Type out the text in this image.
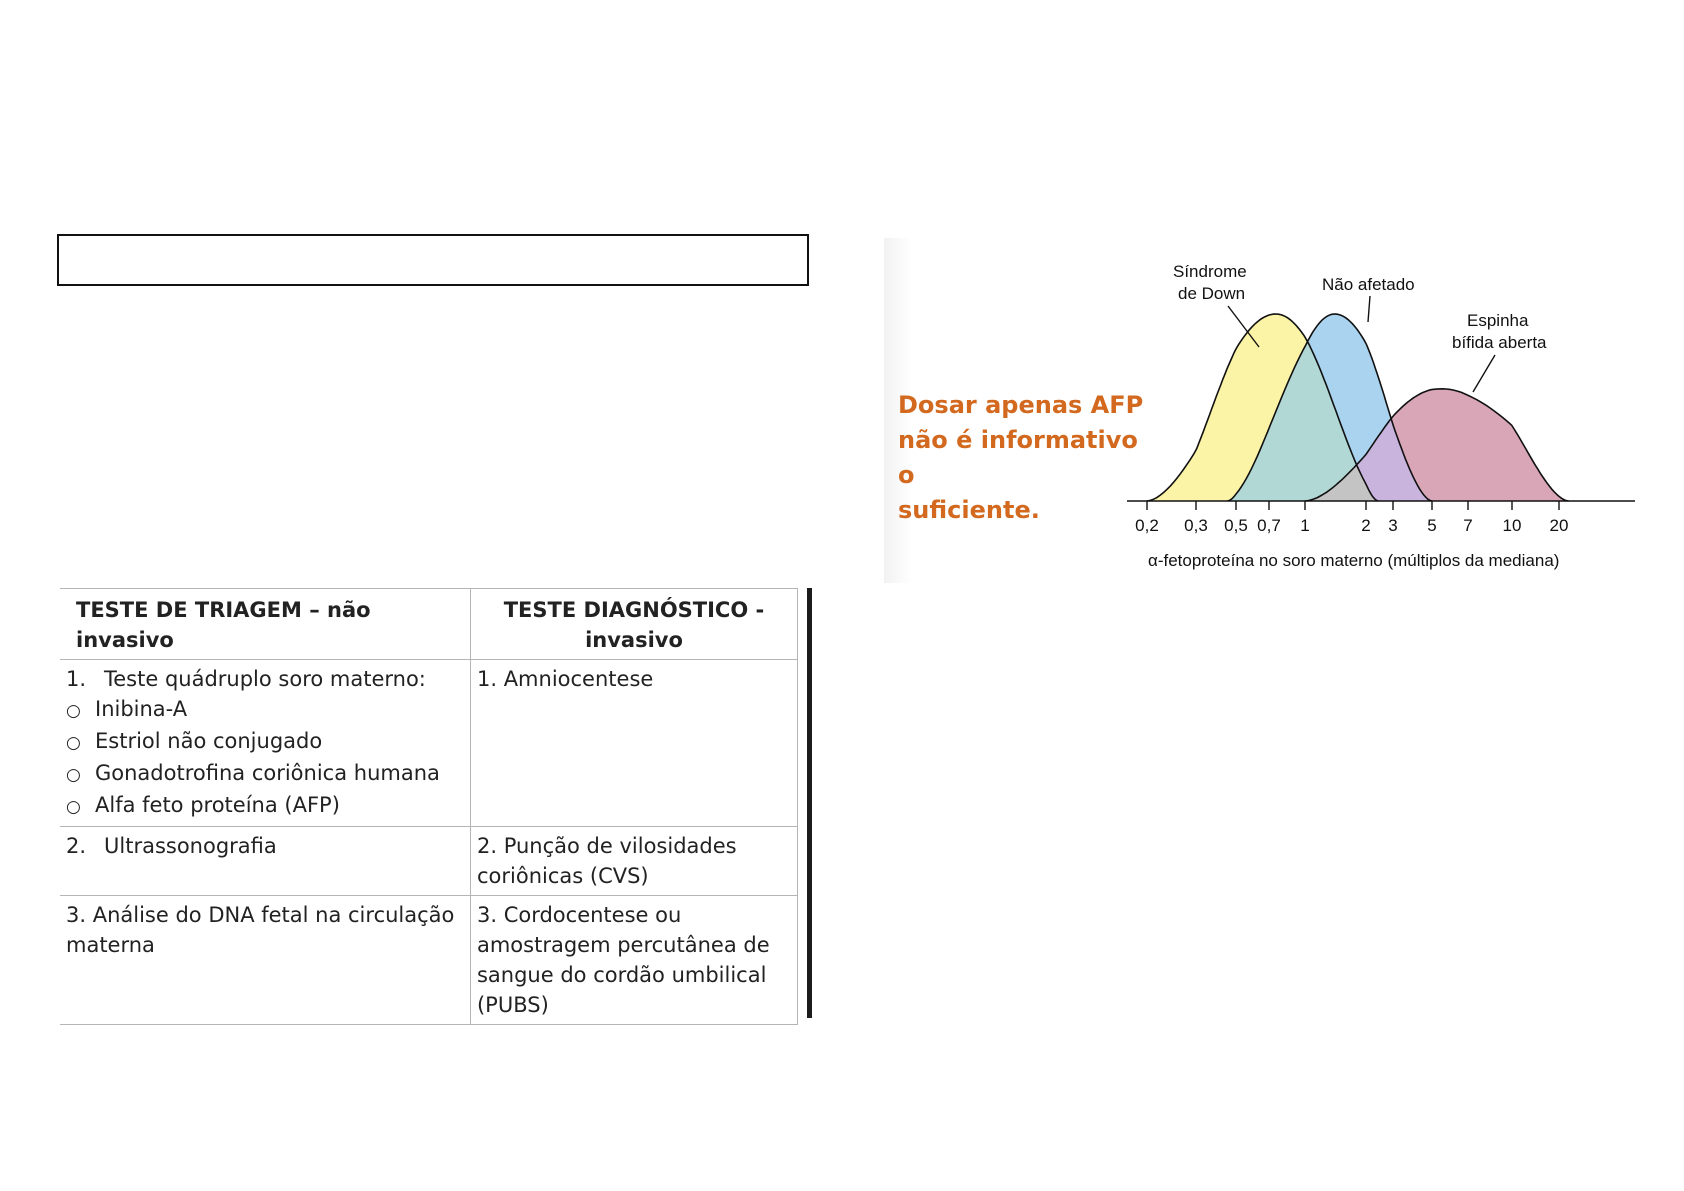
TESTE DE TRIAGEM – não invasivo	TESTE DIAGNÓSTICO - invasivo

1. Teste quádruplo soro materno:
○ Inibina-A
○ Estriol não conjugado
○ Gonadotrofina coriônica humana
○ Alfa feto proteína (AFP)	1. Amniocentese
2. Ultrassonografia	2. Punção de vilosidades coriônicas (CVS)
3. Análise do DNA fetal na circulação materna	3. Cordocentese ou amostragem percutânea de sangue do cordão umbilical (PUBS)
Dosar apenas AFP
não é informativo o
suficiente.
0,2 0,3 0,5 0,7 1	2 3 5 7 10 20
α-fetoproteína no soro materno (múltiplos da mediana)
Síndrome
de Down	Não afetado
Espinha
bífida aberta
